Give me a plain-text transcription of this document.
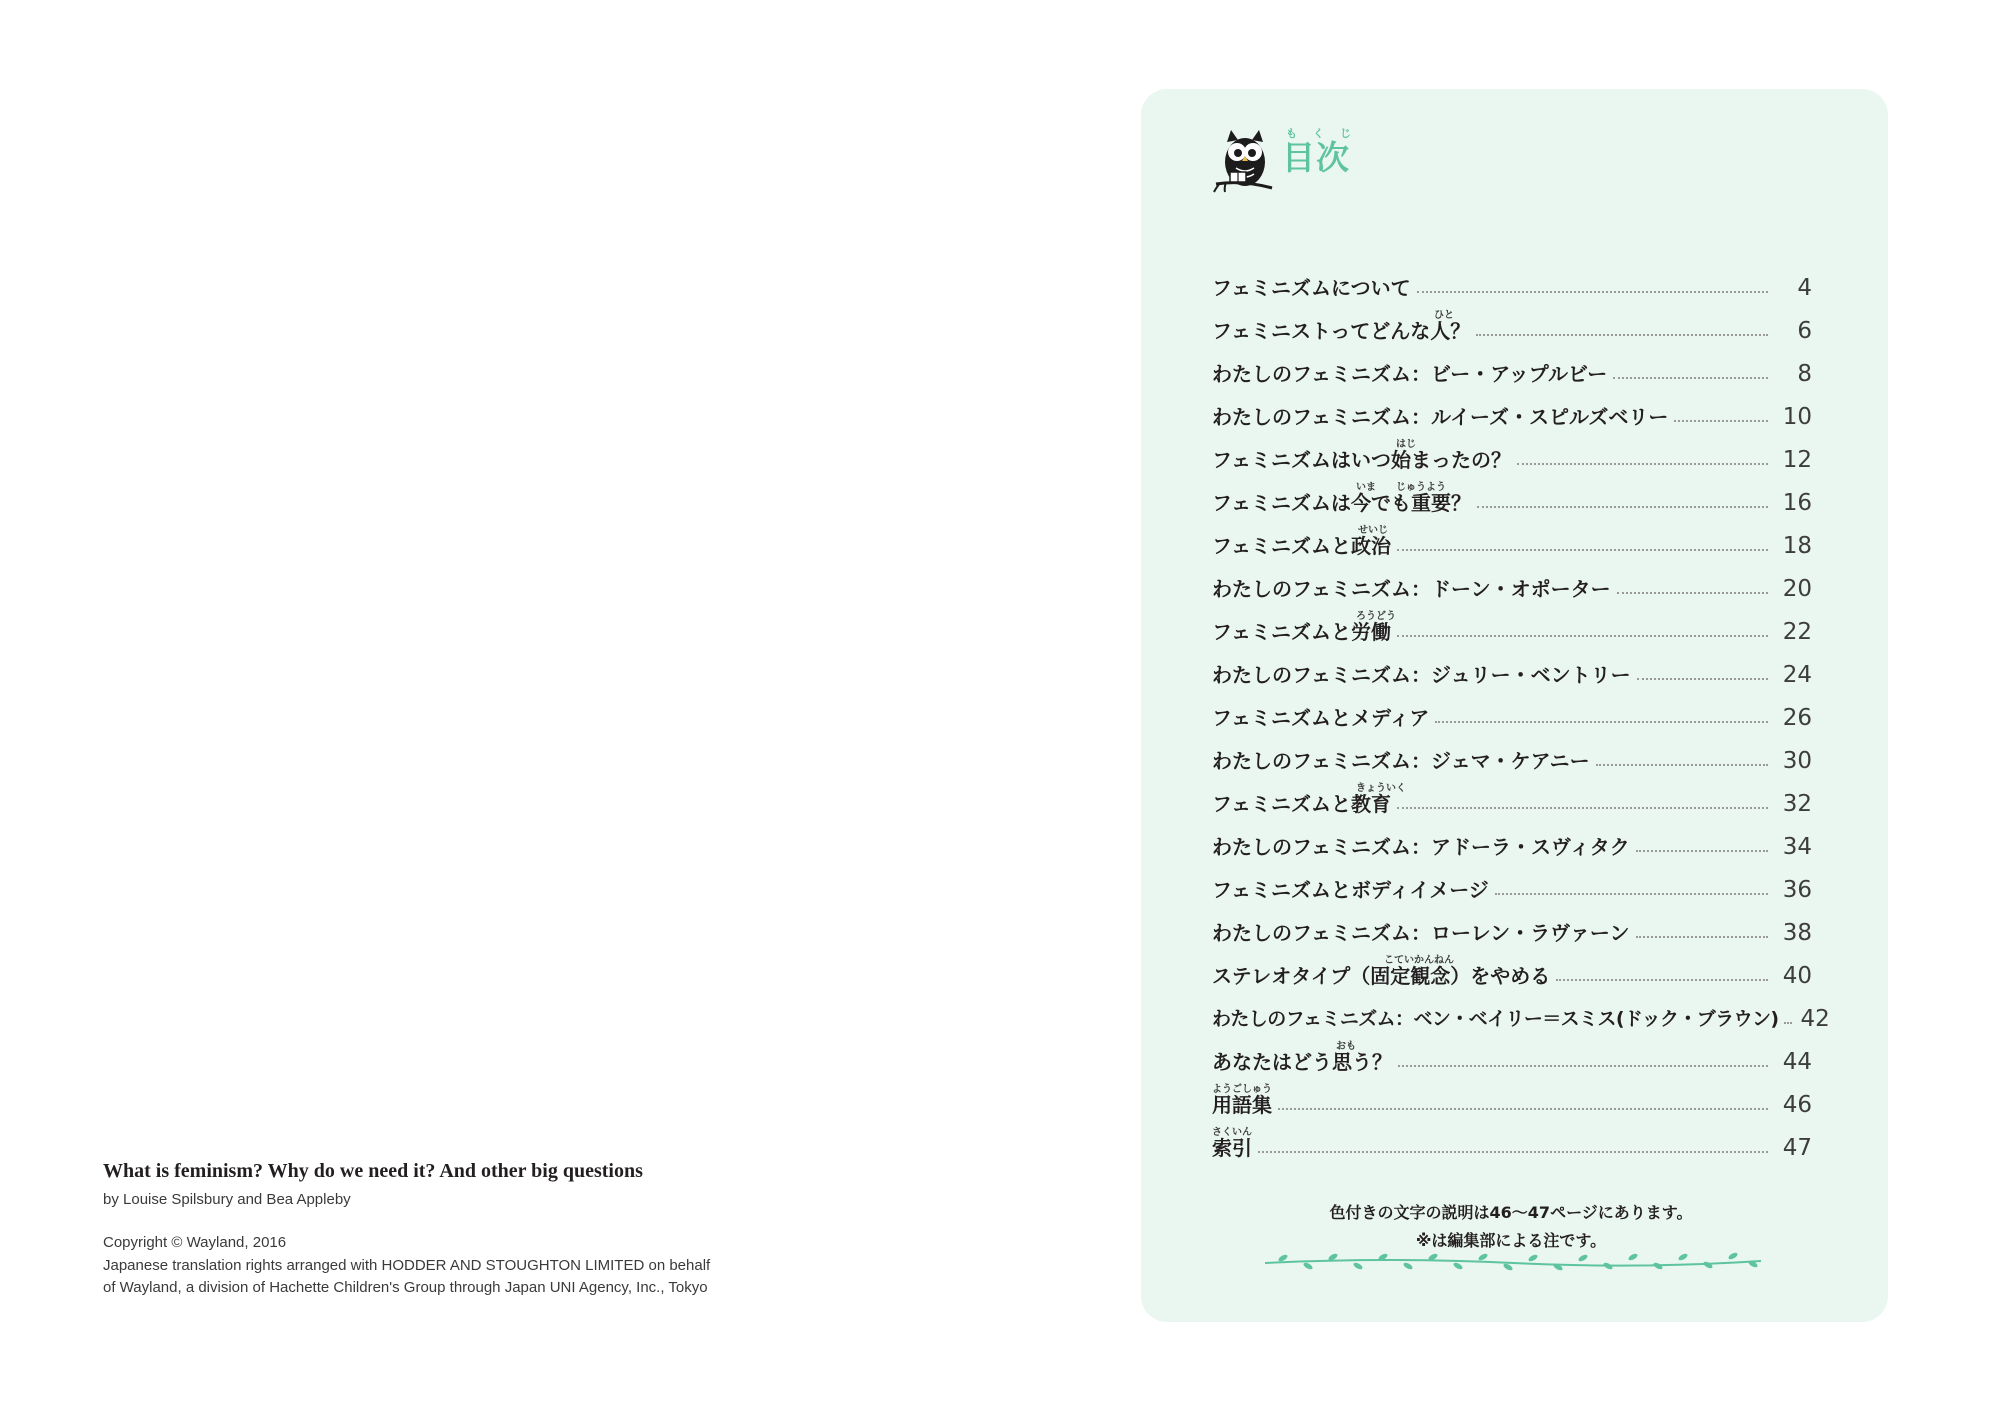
What is feminism? Why do we need it? And other big questions
by Louise Spilsbury and Bea Appleby
Copyright © Wayland, 2016
Japanese translation rights arranged with HODDER AND STOUGHTON LIMITED on behalf
of Wayland, a division of Hachette Children's Group through Japan UNI Agency, Inc., Tokyo
もくじ
目次
フェミニズムについて	4
ひと
フェミニストってどんな人？	6
わたしのフェミニズム：ビー・アップルビー	8
わたしのフェミニズム：ルイーズ・スピルズベリー	10
はじ
フェミニズムはいつ始まったの？	12
いま　　じゅうよう
フェミニズムは今でも重要？	16
せいじ
フェミニズムと政治	18
わたしのフェミニズム：ドーン・オポーター	20
ろうどう
フェミニズムと労働	22
わたしのフェミニズム：ジュリー・ベントリー	24
フェミニズムとメディア	26
わたしのフェミニズム：ジェマ・ケアニー	30
きょういく
フェミニズムと教育	32
わたしのフェミニズム：アドーラ・スヴィタク	34
フェミニズムとボディイメージ	36
わたしのフェミニズム：ローレン・ラヴァーン	38
こていかんねん
ステレオタイプ（固定観念）をやめる	40
わたしのフェミニズム：ベン・ベイリー＝スミス(ドック・ブラウン) 42
おも
あなたはどう思う？	44
ようごしゅう
用語集	46
さくいん
索引	47
色付きの文字の説明は46〜47ページにあります。
※は編集部による注です。
